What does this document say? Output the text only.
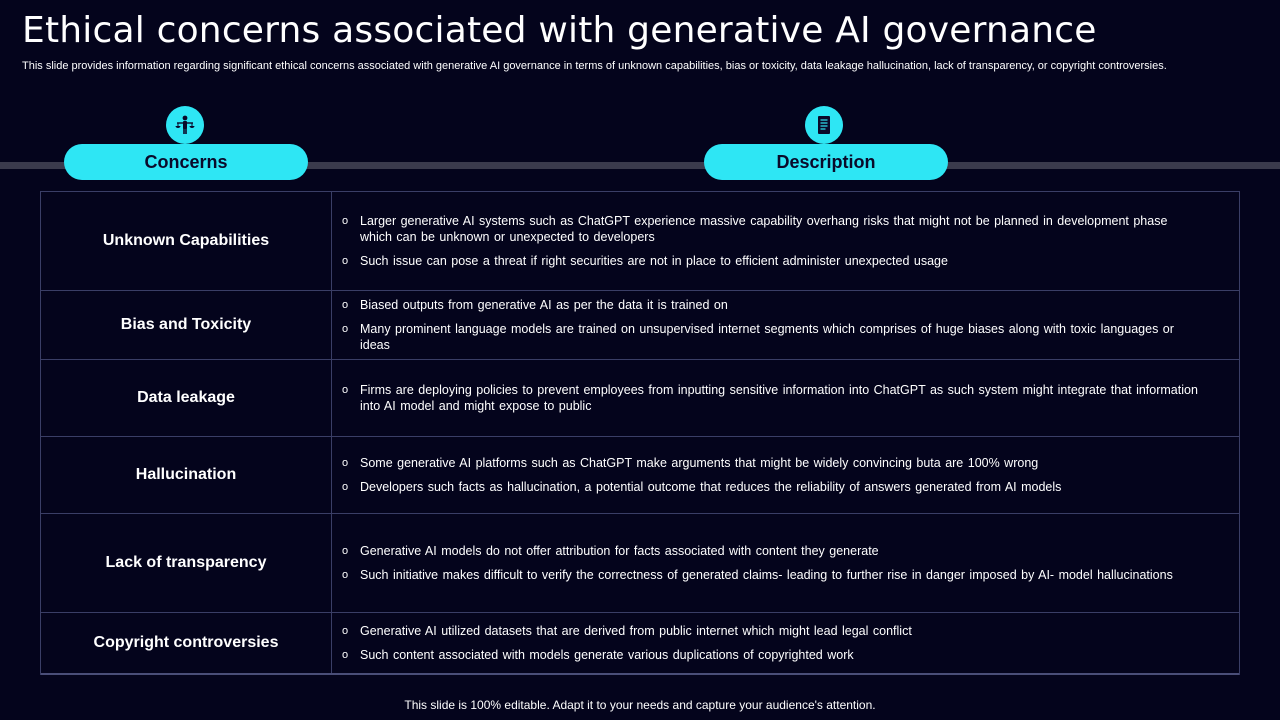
Ethical concerns associated with generative AI governance
This slide provides information regarding significant ethical concerns associated with generative AI governance in terms of unknown capabilities, bias or toxicity, data leakage hallucination, lack of transparency, or copyright controversies.
Concerns	Description
Unknown Capabilities
o Larger generative AI systems such as ChatGPT experience massive capability overhang risks that might not be planned in development phase which can be unknown or unexpected to developers
o Such issue can pose a threat if right securities are not in place to efficient administer unexpected usage
Bias and Toxicity
o Biased outputs from generative AI as per the data it is trained on
o Many prominent language models are trained on unsupervised internet segments which comprises of huge biases along with toxic languages or ideas
Data leakage	o Firms are deploying policies to prevent employees from inputting sensitive information into ChatGPT as such system might integrate that information into AI model and might expose to public
Hallucination
o Some generative AI platforms such as ChatGPT make arguments that might be widely convincing buta are 100% wrong
o Developers such facts as hallucination, a potential outcome that reduces the reliability of answers generated from AI models
Lack of transparency
o Generative AI models do not offer attribution for facts associated with content they generate
o Such initiative makes difficult to verify the correctness of generated claims- leading to further rise in danger imposed by AI- model hallucinations
Copyright controversies
o Generative AI utilized datasets that are derived from public internet which might lead legal conflict
o Such content associated with models generate various duplications of copyrighted work
This slide is 100% editable. Adapt it to your needs and capture your audience's attention.
